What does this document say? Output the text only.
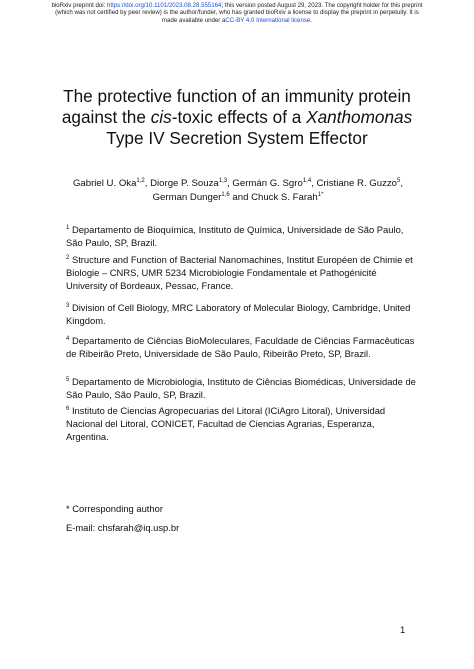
bioRxiv preprint doi: https://doi.org/10.1101/2023.08.28.555164; this version posted August 29, 2023. The copyright holder for this preprint
(which was not certified by peer review) is the author/funder, who has granted bioRxiv a license to display the preprint in perpetuity. It is
made available under aCC-BY 4.0 International license.
The protective function of an immunity protein
against the cis-toxic effects of a Xanthomonas
Type IV Secretion System Effector
Gabriel U. Oka$^{1,2}$, Diorge P. Souza$^{1,3}$, Germán G. Sgro$^{1,4}$, Cristiane R. Guzzo$^5$,
German Dunger$^{1,6}$ and Chuck S. Farah$^{1*}$
$^1$ Departamento de Bioquímica, Instituto de Química, Universidade de São Paulo, São Paulo, SP, Brazil.
$^2$ Structure and Function of Bacterial Nanomachines, Institut Européen de Chimie et Biologie – CNRS, UMR 5234 Microbiologie Fondamentale et Pathogénicité University of Bordeaux, Pessac, France.
$^3$ Division of Cell Biology, MRC Laboratory of Molecular Biology, Cambridge, United Kingdom.
$^4$ Departamento de Ciências BioMoleculares, Faculdade de Ciências Farmacêuticas de Ribeirão Preto, Universidade de São Paulo, Ribeirão Preto, SP, Brazil.
$^5$ Departamento de Microbiologia, Instituto de Ciências Biomédicas, Universidade de São Paulo, São Paulo, SP, Brazil.
$^6$ Instituto de Ciencias Agropecuarias del Litoral (ICiAgro Litoral), Universidad Nacional del Litoral, CONICET, Facultad de Ciencias Agrarias, Esperanza, Argentina.
* Corresponding author
E-mail: chsfarah@iq.usp.br
1
